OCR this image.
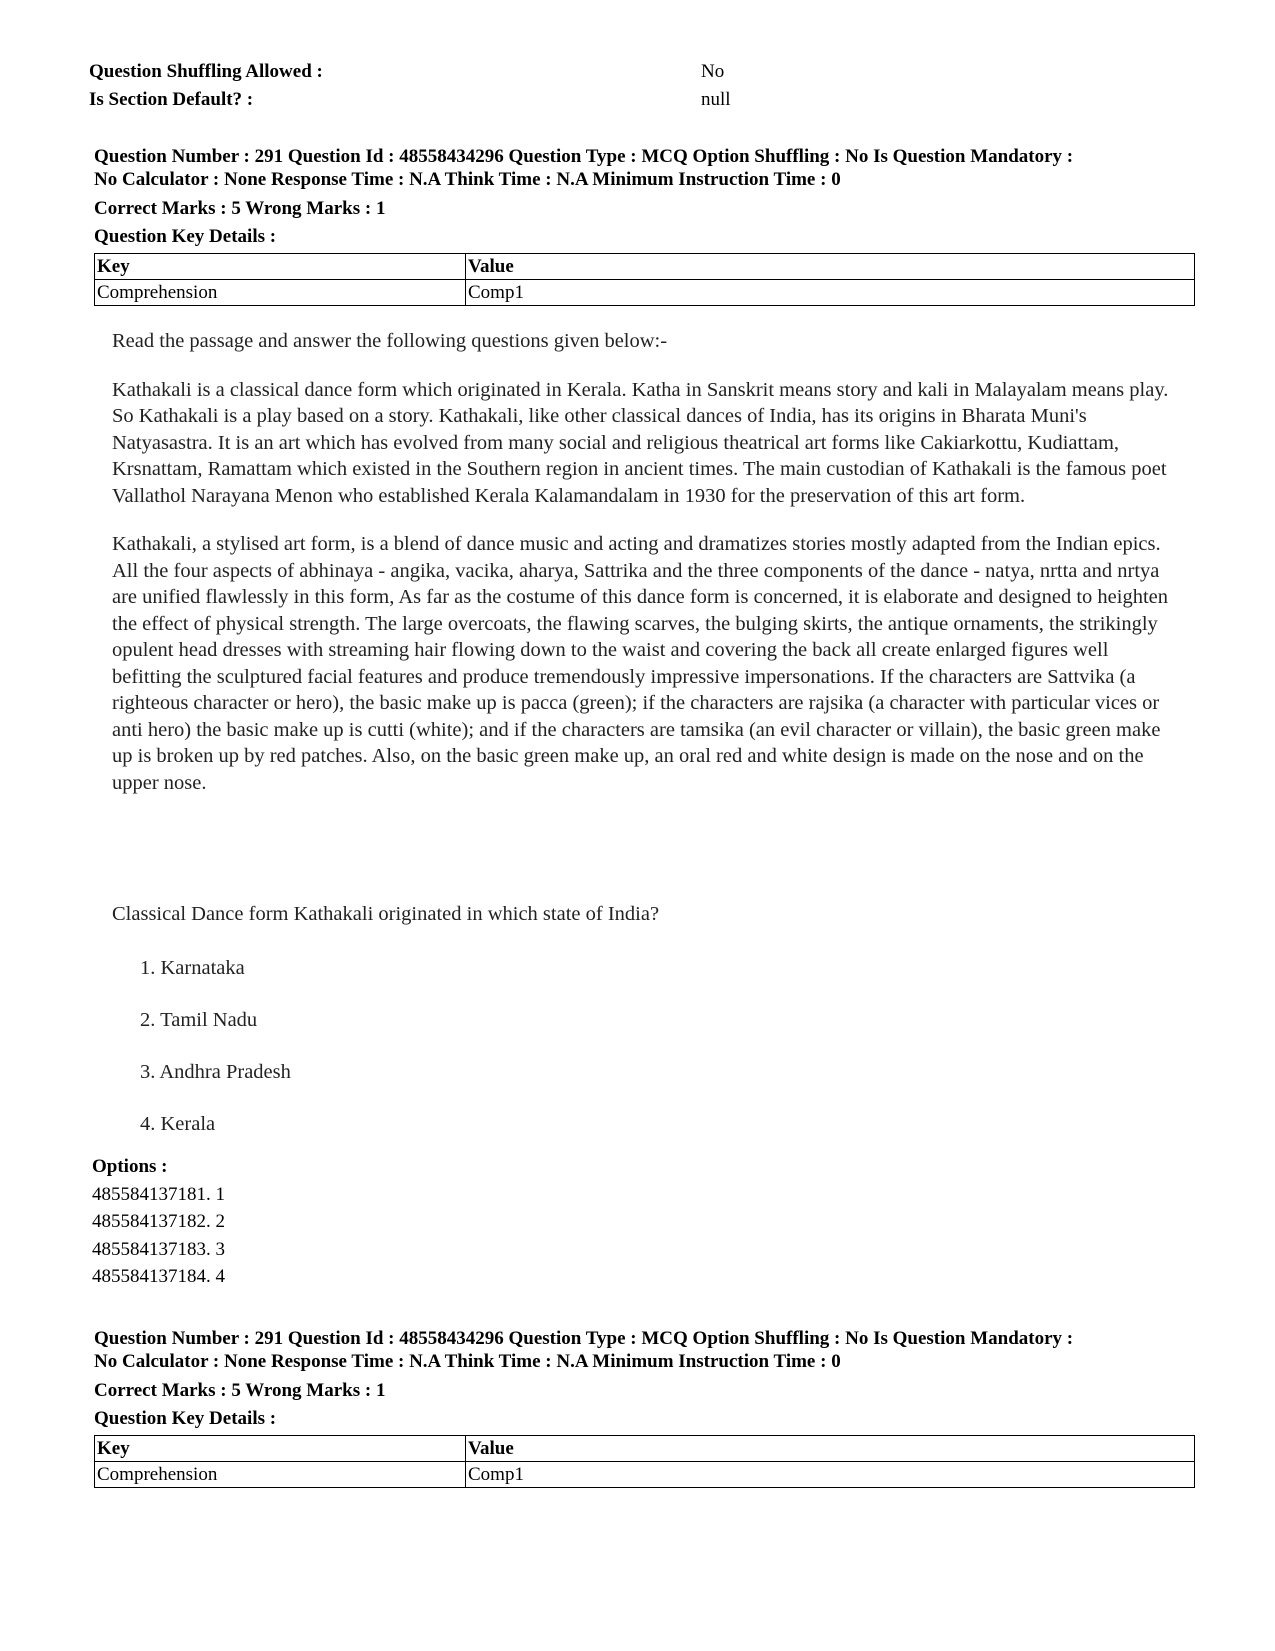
Question Shuffling Allowed :	No
Is Section Default? :	null
Question Number : 291 Question Id : 48558434296 Question Type : MCQ Option Shuffling : No Is Question Mandatory :
No Calculator : None Response Time : N.A Think Time : N.A Minimum Instruction Time : 0
Correct Marks : 5 Wrong Marks : 1
Question Key Details :
Key	Value
Comprehension	Comp1

Read the passage and answer the following questions given below:-

Kathakali is a classical dance form which originated in Kerala. Katha in Sanskrit means story and kali in Malayalam means play. So Kathakali is a play based on a story. Kathakali, like other classical dances of India, has its origins in Bharata Muni's Natyasastra. It is an art which has evolved from many social and religious theatrical art forms like Cakiarkottu, Kudiattam, Krsnattam, Ramattam which existed in the Southern region in ancient times. The main custodian of Kathakali is the famous poet Vallathol Narayana Menon who established Kerala Kalamandalam in 1930 for the preservation of this art form.

Kathakali, a stylised art form, is a blend of dance music and acting and dramatizes stories mostly adapted from the Indian epics. All the four aspects of abhinaya - angika, vacika, aharya, Sattrika and the three components of the dance - natya, nrtta and nrtya are unified flawlessly in this form, As far as the costume of this dance form is concerned, it is elaborate and designed to heighten the effect of physical strength. The large overcoats, the flawing scarves, the bulging skirts, the antique ornaments, the strikingly opulent head dresses with streaming hair flowing down to the waist and covering the back all create enlarged figures well befitting the sculptured facial features and produce tremendously impressive impersonations. If the characters are Sattvika (a righteous character or hero), the basic make up is pacca (green); if the characters are rajsika (a character with particular vices or anti hero) the basic make up is cutti (white); and if the characters are tamsika (an evil character or villain), the basic green make up is broken up by red patches. Also, on the basic green make up, an oral red and white design is made on the nose and on the upper nose.

Classical Dance form Kathakali originated in which state of India?
1. Karnataka
2. Tamil Nadu
3. Andhra Pradesh
4. Kerala
Options :
485584137181. 1
485584137182. 2
485584137183. 3
485584137184. 4
Question Number : 291 Question Id : 48558434296 Question Type : MCQ Option Shuffling : No Is Question Mandatory :
No Calculator : None Response Time : N.A Think Time : N.A Minimum Instruction Time : 0
Correct Marks : 5 Wrong Marks : 1
Question Key Details :
Key	Value
Comprehension	Comp1
